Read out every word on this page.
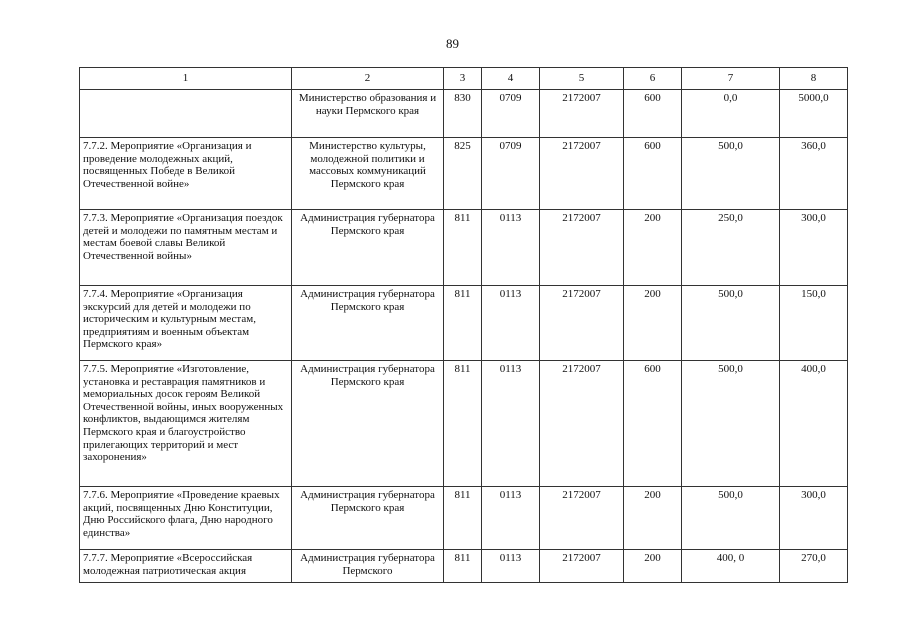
89
1	2	3	4	5	6	7	8
	Министерство образования и науки Пермского края	830	0709	2172007	600	0,0	5000,0
7.7.2. Мероприятие «Организация и проведение молодежных акций, посвященных Победе в Великой Отечественной войне»	Министерство культуры, молодежной политики и массовых коммуникаций Пермского края	825	0709	2172007	600	500,0	360,0
7.7.3. Мероприятие «Организация поездок детей и молодежи по памятным местам и местам боевой славы Великой Отечественной войны»	Администрация губернатора Пермского края	811	0113	2172007	200	250,0	300,0
7.7.4. Мероприятие «Организация экскурсий для детей и молодежи по историческим и культурным местам, предприятиям и военным объектам Пермского края»	Администрация губернатора Пермского края	811	0113	2172007	200	500,0	150,0
7.7.5. Мероприятие «Изготовление, установка и реставрация памятников и мемориальных досок героям Великой Отечественной войны, иных вооруженных конфликтов, выдающимся жителям Пермского края и благоустройство прилегающих территорий и мест захоронения»	Администрация губернатора Пермского края	811	0113	2172007	600	500,0	400,0
7.7.6. Мероприятие «Проведение краевых акций, посвященных Дню Конституции, Дню Российского флага, Дню народного единства»	Администрация губернатора Пермского края	811	0113	2172007	200	500,0	300,0
7.7.7. Мероприятие «Всероссийская молодежная патриотическая акция	Администрация губернатора Пермского	811	0113	2172007	200	400, 0	270,0
